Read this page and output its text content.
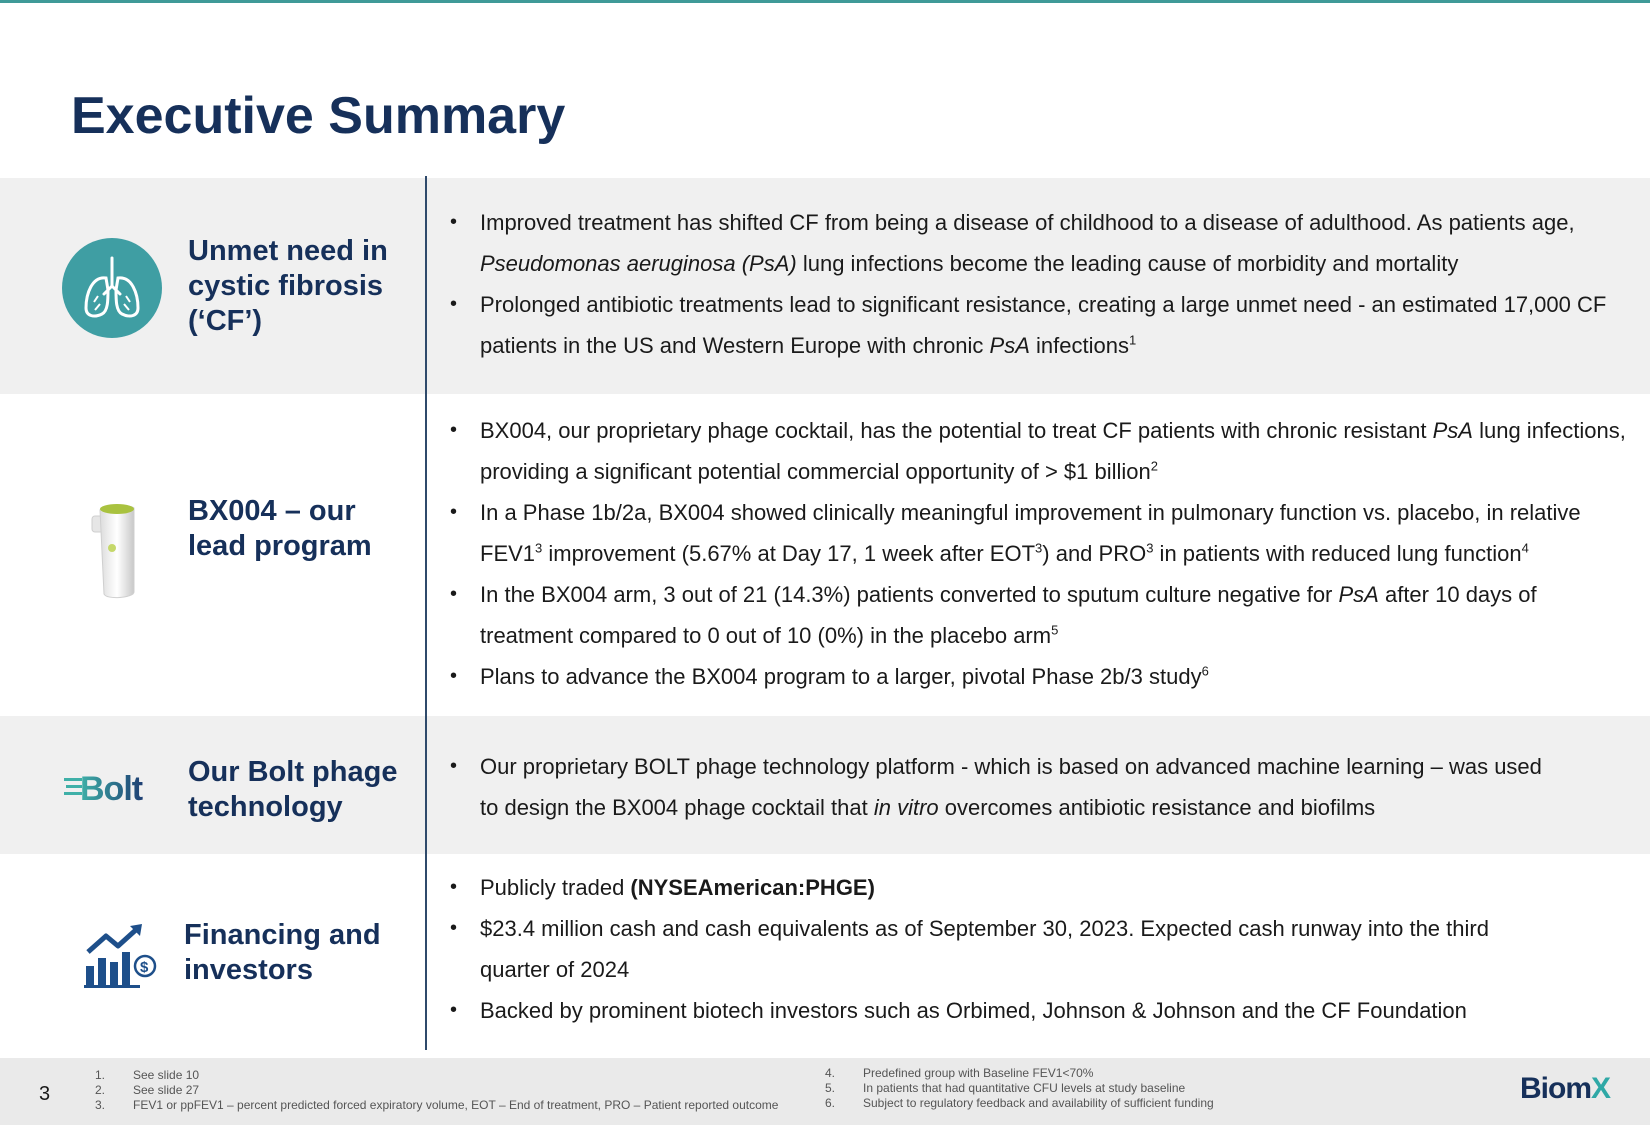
Executive Summary
Unmet need in
cystic fibrosis
(‘CF’)
• Improved treatment has shifted CF from being a disease of childhood to a disease of adulthood. As patients age, Pseudomonas aeruginosa (PsA) lung infections become the leading cause of morbidity and mortality
• Prolonged antibiotic treatments lead to significant resistance, creating a large unmet need - an estimated 17,000 CF patients in the US and Western Europe with chronic PsA infections$^1$
BX004 – our
lead program
• BX004, our proprietary phage cocktail, has the potential to treat CF patients with chronic resistant PsA lung infections, providing a significant potential commercial opportunity of > $1 billion$^2$
• In a Phase 1b/2a, BX004 showed clinically meaningful improvement in pulmonary function vs. placebo, in relative $FEV1^3$ improvement (5.67% at Day 17, 1 week after EOT$^3$) and PRO$^3$ in patients with reduced lung function$^4$
• In the BX004 arm, 3 out of 21 (14.3%) patients converted to sputum culture negative for PsA after 10 days of treatment compared to 0 out of 10 (0%) in the placebo arm$^5$
• Plans to advance the BX004 program to a larger, pivotal Phase 2b/3 study$^6$
Bolt Our Bolt phage
technology
• Our proprietary BOLT phage technology platform - which is based on advanced machine learning – was used to design the BX004 phage cocktail that in vitro overcomes antibiotic resistance and biofilms
$
Financing and
investors
• Publicly traded (NYSEAmerican:PHGE)
• $23.4 million cash and cash equivalents as of September 30, 2023. Expected cash runway into the third quarter of 2024
• Backed by prominent biotech investors such as Orbimed, Johnson & Johnson and the CF Foundation
3
1.	See slide 10
2.	See slide 27
3.	FEV1 or ppFEV1 – percent predicted forced expiratory volume, EOT – End of treatment, PRO – Patient reported outcome
4.	Predefined group with Baseline FEV1<70%
5.	In patients that had quantitative CFU levels at study baseline
6.	Subject to regulatory feedback and availability of sufficient funding	BiomX
